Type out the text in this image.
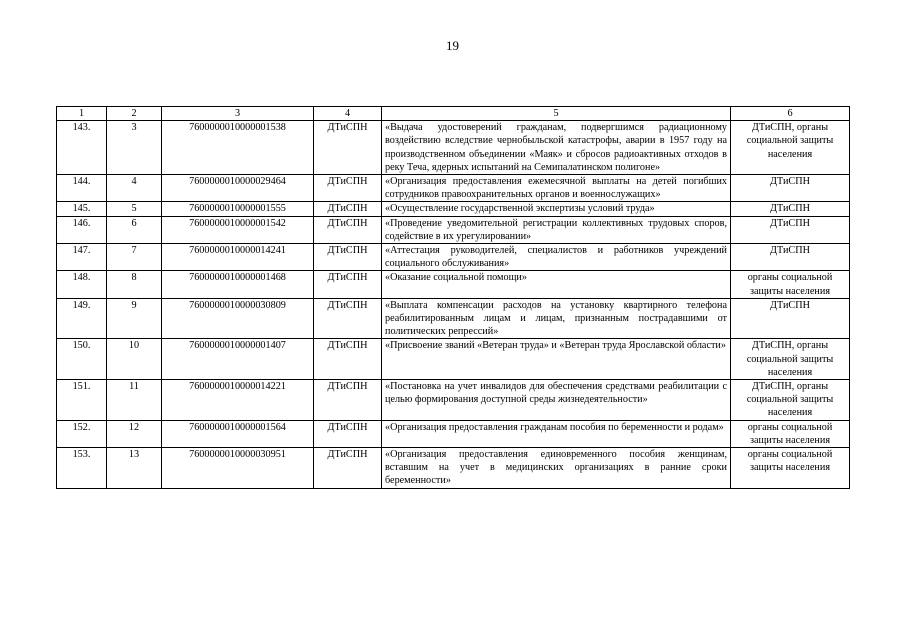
19
1	2	3	4	5	6
143.	3	7600000010000001538	ДТиСПН	«Выдача удостоверений гражданам, подвергшимся радиационному воздействию вследствие чернобыльской катастрофы, аварии в 1957 году на производственном объединении «Маяк» и сбросов радиоактивных отходов в реку Теча, ядерных испытаний на Семипалатинском полигоне»	ДТиСПН, органы социальной защиты населения
144.	4	7600000010000029464	ДТиСПН	«Организация предоставления ежемесячной выплаты на детей погибших сотрудников правоохранительных органов и военнослужащих»	ДТиСПН
145.	5	7600000010000001555	ДТиСПН	«Осуществление государственной экспертизы условий труда»	ДТиСПН
146.	6	7600000010000001542	ДТиСПН	«Проведение уведомительной регистрации коллективных трудовых споров, содействие в их урегулировании»	ДТиСПН
147.	7	7600000010000014241	ДТиСПН	«Аттестация руководителей, специалистов и работников учреждений социального обслуживания»	ДТиСПН
148.	8	7600000010000001468	ДТиСПН	«Оказание социальной помощи»	органы социальной защиты населения
149.	9	7600000010000030809	ДТиСПН	«Выплата компенсации расходов на установку квартирного телефона реабилитированным лицам и лицам, признанным пострадавшими от политических репрессий»	ДТиСПН
150.	10	7600000010000001407	ДТиСПН	«Присвоение званий «Ветеран труда» и «Ветеран труда Ярославской области»	ДТиСПН, органы социальной защиты населения
151.	11	7600000010000014221	ДТиСПН	«Постановка на учет инвалидов для обеспечения средствами реабилитации с целью формирования доступной среды жизнедеятельности»	ДТиСПН, органы социальной защиты населения
152.	12	7600000010000001564	ДТиСПН	«Организация предоставления гражданам пособия по беременности и родам»	органы социальной защиты населения
153.	13	7600000010000030951	ДТиСПН	«Организация предоставления единовременного пособия женщинам, вставшим на учет в медицинских организациях в ранние сроки беременности»	органы социальной защиты населения
